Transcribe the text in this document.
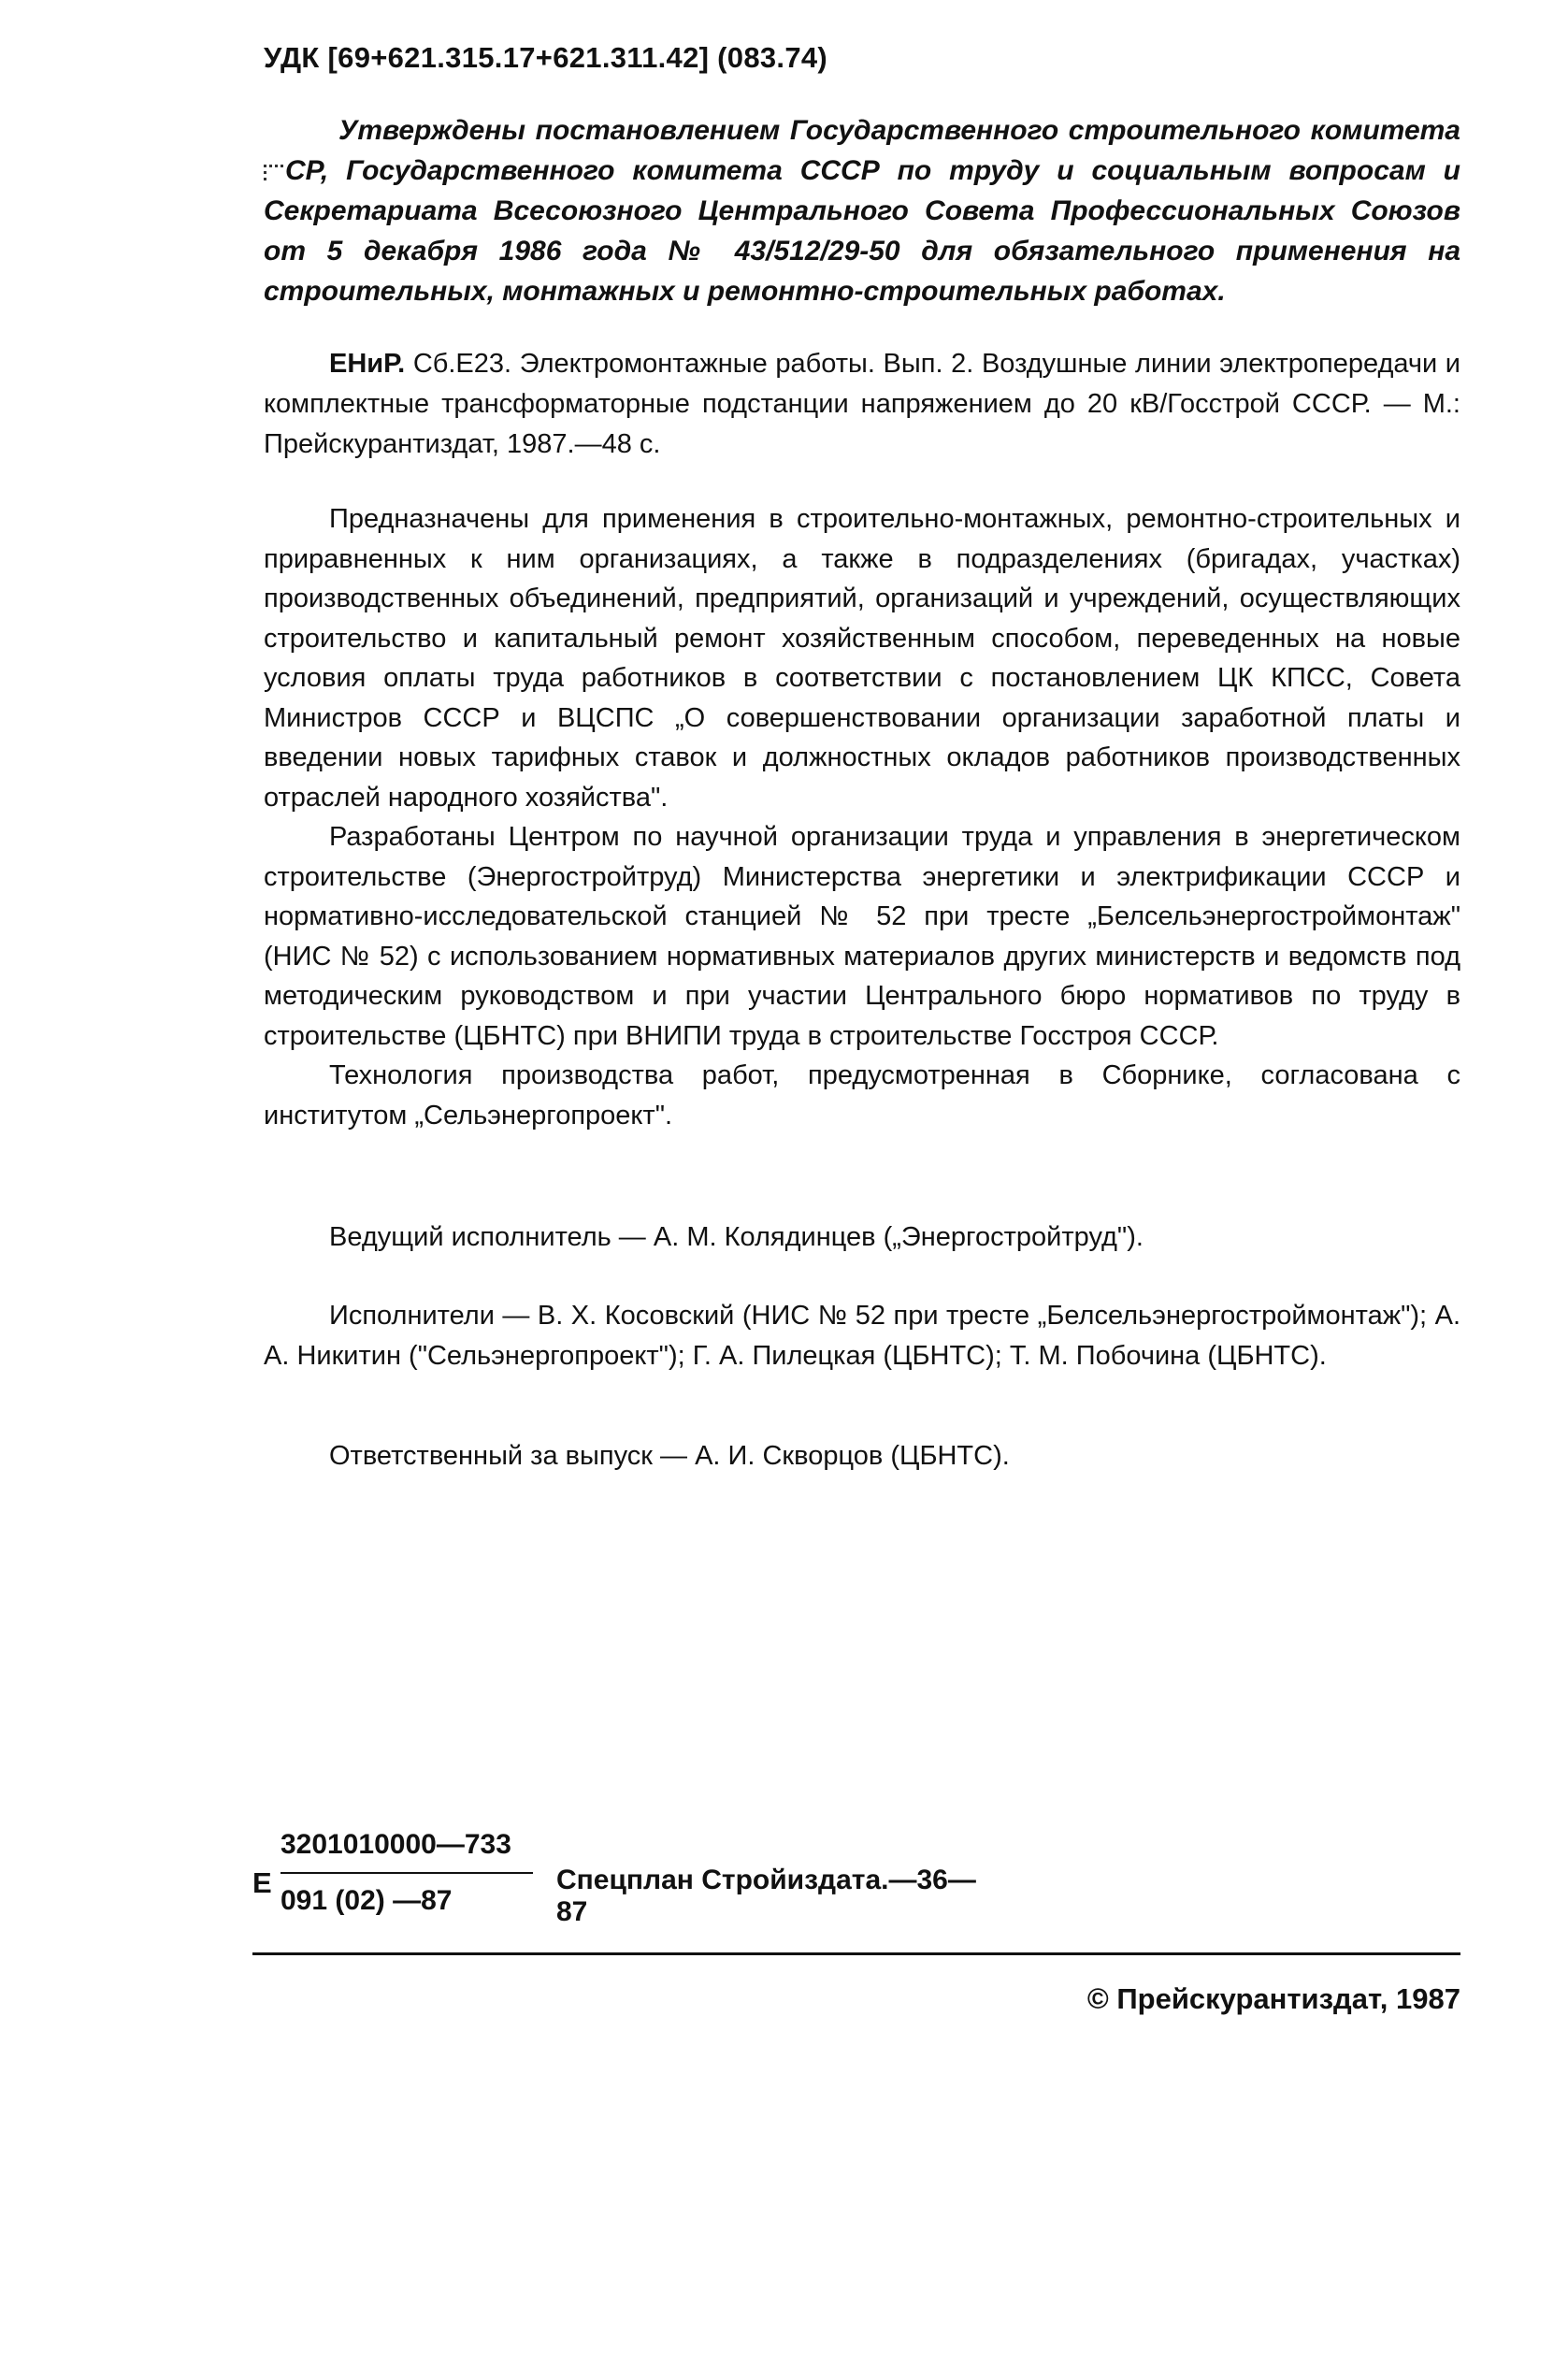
УДК [69+621.315.17+621.311.42] (083.74)
Утверждены постановлением Государственного строительного комитета СР, Государственного комитета СССР по труду и социальным вопросам и Секретариата Всесоюзного Центрального Совета Профессиональных Союзов от 5 декабря 1986 года № 43/512/29-50 для обязательного применения на строительных, монтажных и ремонтно-строительных работах.
ЕНиР. Сб.Е23. Электромонтажные работы. Вып. 2. Воздушные линии электропередачи и комплектные трансформаторные подстанции напряжением до 20 кВ/Госстрой СССР. — М.: Прейскурантиздат, 1987.—48 с.

Предназначены для применения в строительно-монтажных, ремонтно-строительных и приравненных к ним организациях, а также в подразделениях (бригадах, участках) производственных объединений, предприятий, организаций и учреждений, осуществляющих строительство и капитальный ремонт хозяйственным способом, переведенных на новые условия оплаты труда работников в соответствии с постановлением ЦК КПСС, Совета Министров СССР и ВЦСПС „О совершенствовании организации заработной платы и введении новых тарифных ставок и должностных окладов работников производственных отраслей народного хозяйства".

Разработаны Центром по научной организации труда и управления в энергетическом строительстве (Энергостройтруд) Министерства энергетики и электрификации СССР и нормативно-исследовательской станцией № 52 при тресте „Белсельэнергостроймонтаж" (НИС № 52) с использованием нормативных материалов других министерств и ведомств под методическим руководством и при участии Центрального бюро нормативов по труду в строительстве (ЦБНТС) при ВНИПИ труда в строительстве Госстроя СССР.

Технология производства работ, предусмотренная в Сборнике, согласована с институтом „Сельэнергопроект".

Ведущий исполнитель — А. М. Колядинцев („Энергостройтруд").
Исполнители — В. Х. Косовский (НИС № 52 при тресте „Белсельэнергостроймонтаж"); А. А. Никитин ("Сельэнергопроект"); Г. А. Пилецкая (ЦБНТС); Т. М. Побочина (ЦБНТС).
Ответственный за выпуск — А. И. Скворцов (ЦБНТС).
3201010000—733
Е
091 (02) —87
Спецплан Стройиздата.—36—87
© Прейскурантиздат, 1987
